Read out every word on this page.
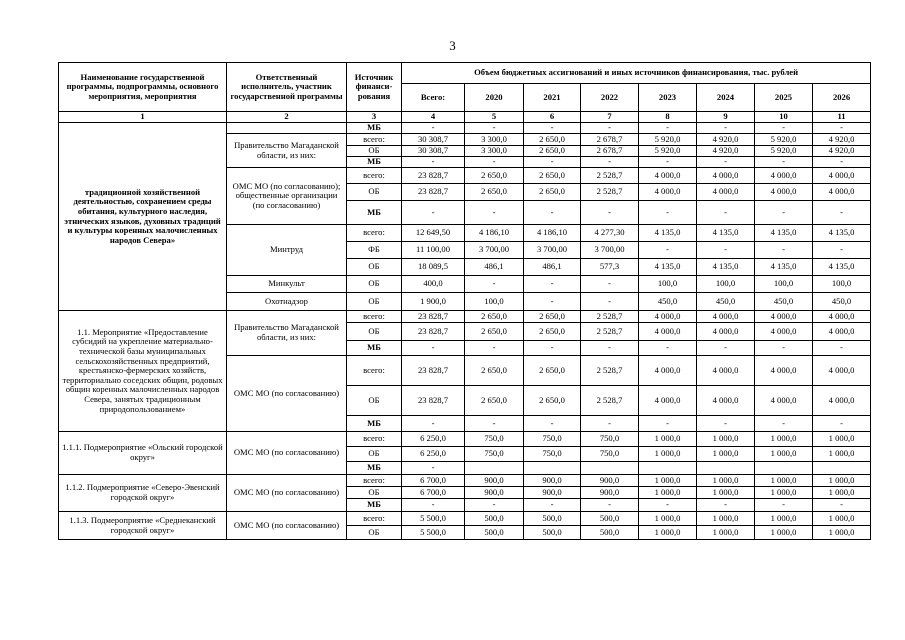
3
Наименование государственной программы, подпрограммы, основного мероприятия, мероприятия	Ответственный исполнитель, участник государственной программы	Источник финанси-рования	Объем бюджетных ассигнований и иных источников финансирования, тыс. рублей							
			Всего:	2020	2021	2022	2023	2024	2025	2026
1	2	3	4	5	6	7	8	9	10	11
традиционной хозяйственной деятельностью, сохранением среды обитания, культурного наследия, этнических языков, духовных традиций и культуры коренных малочисленных народов Севера»		МБ	-	-	-	-	-	-	-	-
	Правительство Магаданской области, из них:	всего:	30 308,7	3 300,0	2 650,0	2 678,7	5 920,0	4 920,0	5 920,0	4 920,0
		ОБ	30 308,7	3 300,0	2 650,0	2 678,7	5 920,0	4 920,0	5 920,0	4 920,0
		МБ	-	-	-	-	-	-	-	-
	ОМС МО (по согласованию); общественные организации (по согласованию)	всего:	23 828,7	2 650,0	2 650,0	2 528,7	4 000,0	4 000,0	4 000,0	4 000,0
		ОБ	23 828,7	2 650,0	2 650,0	2 528,7	4 000,0	4 000,0	4 000,0	4 000,0
		МБ	-	-	-	-	-	-	-	-
	Минтруд	всего:	12 649,50	4 186,10	4 186,10	4 277,30	4 135,0	4 135,0	4 135,0	4 135,0
		ФБ	11 100,00	3 700,00	3 700,00	3 700,00	-	-	-	-
		ОБ	18 089,5	486,1	486,1	577,3	4 135,0	4 135,0	4 135,0	4 135,0
	Минкульт	ОБ	400,0	-	-	-	100,0	100,0	100,0	100,0
	Охотнадзор	ОБ	1 900,0	100,0	-	-	450,0	450,0	450,0	450,0
1.1. Мероприятие «Предоставление субсидий на укрепление материально-технической базы муниципальных сельскохозяйственных предприятий, крестьянско-фермерских хозяйств, территориально соседских общин, родовых общин коренных малочисленных народов Севера, занятых традиционным природопользованием»	Правительство Магаданской области, из них:	всего:	23 828,7	2 650,0	2 650,0	2 528,7	4 000,0	4 000,0	4 000,0	4 000,0
		ОБ	23 828,7	2 650,0	2 650,0	2 528,7	4 000,0	4 000,0	4 000,0	4 000,0
		МБ	-	-	-	-	-	-	-	-
	ОМС МО (по согласованию)	всего:	23 828,7	2 650,0	2 650,0	2 528,7	4 000,0	4 000,0	4 000,0	4 000,0
		ОБ	23 828,7	2 650,0	2 650,0	2 528,7	4 000,0	4 000,0	4 000,0	4 000,0
		МБ	-	-	-	-	-	-	-	-
1.1.1. Подмероприятие «Ольский городской округ»	ОМС МО (по согласованию)	всего:	6 250,0	750,0	750,0	750,0	1 000,0	1 000,0	1 000,0	1 000,0
		ОБ	6 250,0	750,0	750,0	750,0	1 000,0	1 000,0	1 000,0	1 000,0
		МБ	-							
1.1.2. Подмероприятие «Северо-Эвенский городской округ»	ОМС МО (по согласованию)	всего:	6 700,0	900,0	900,0	900,0	1 000,0	1 000,0	1 000,0	1 000,0
		ОБ	6 700,0	900,0	900,0	900,0	1 000,0	1 000,0	1 000,0	1 000,0
		МБ	-	-	-	-	-	-	-	-
1.1.3. Подмероприятие «Среднеканский городской округ»	ОМС МО (по согласованию)	всего:	5 500,0	500,0	500,0	500,0	1 000,0	1 000,0	1 000,0	1 000,0
		ОБ	5 500,0	500,0	500,0	500,0	1 000,0	1 000,0	1 000,0	1 000,0
